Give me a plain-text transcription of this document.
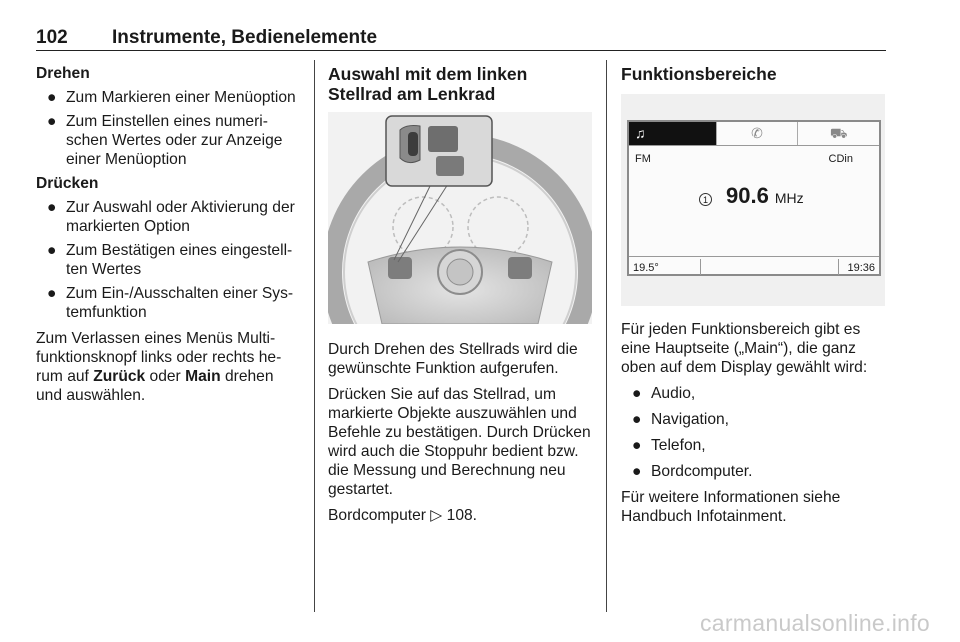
102 Instrumente, Bedienelemente
Drehen
● Zum Markieren einer Menüoption
● Zum Einstellen eines numerischen Wertes oder zur Anzeige einer Menüoption
Drücken
● Zur Auswahl oder Aktivierung der markierten Option
● Zum Bestätigen eines eingestellten Wertes
● Zum Ein-/Ausschalten einer Systemfunktion

Zum Verlassen eines Menüs Multifunktionsknopf links oder rechts herum auf Zurück oder Main drehen und auswählen.

Auswahl mit dem linken Stellrad am Lenkrad

Durch Drehen des Stellrads wird die gewünschte Funktion aufgerufen.

Drücken Sie auf das Stellrad, um markierte Objekte auszuwählen und Befehle zu bestätigen. Durch Drücken wird auch die Stoppuhr bedient bzw. die Messung und Berechnung neu gestartet.

Bordcomputer ▷ 108.

Funktionsbereiche
♫	✆	⛟
FM	CDin
1 90.6 MHz
19.5°	19:36

Für jeden Funktionsbereich gibt es eine Hauptseite („Main“), die ganz oben auf dem Display gewählt wird:

● Audio,
● Navigation,
● Telefon,
● Bordcomputer.

Für weitere Informationen siehe Handbuch Infotainment.

carmanualsonline.info
